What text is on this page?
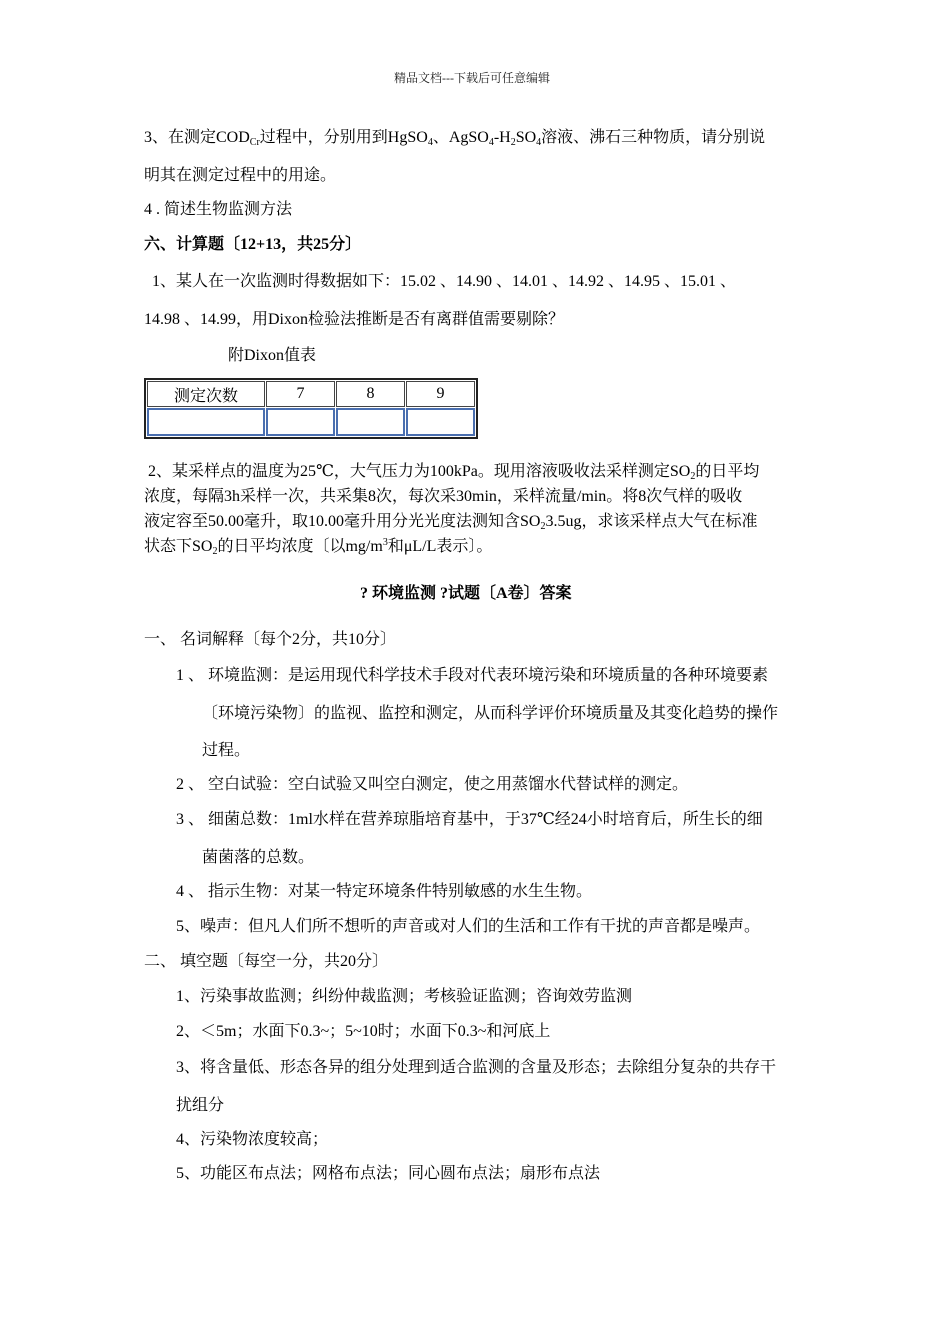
精品文档---下载后可任意编辑
3、在测定$COD_{Cr}$过程中，分别用到HgSO$_4$、$AgSO_4-H_2SO_4$溶液、沸石三种物质，请分别说
明其在测定过程中的用途。
4 . 简述生物监测方法
六、计算题〔12+13，共25分〕
1、某人在一次监测时得数据如下：15.02 、14.90 、14.01 、14.92 、14.95 、15.01 、
14.98 、14.99，用Dixon检验法推断是否有离群值需要剔除？
附Dixon值表
测定次数	7	8	9

2、某采样点的温度为25℃，大气压力为100kPa。现用溶液吸收法采样测定$SO_2$的日平均
浓度，每隔3h采样一次，共采集8次，每次采30min，采样流量/min。将8次气样的吸收
液定容至50.00毫升，取10.00毫升用分光光度法测知含$SO_23.5ug$，求该采样点大气在标准
状态下$SO_2$的日平均浓度〔以$mg/m^3$和μL/L表示〕。
? 环境监测 ?试题〔A卷〕答案
一、 名词解释〔每个2分，共10分〕
1 、 环境监测：是运用现代科学技术手段对代表环境污染和环境质量的各种环境要素
〔环境污染物〕的监视、监控和测定，从而科学评价环境质量及其变化趋势的操作
过程。
2 、 空白试验：空白试验又叫空白测定，使之用蒸馏水代替试样的测定。
3 、 细菌总数：1ml水样在营养琼脂培育基中，于37℃经24小时培育后，所生长的细
菌菌落的总数。
4 、 指示生物：对某一特定环境条件特别敏感的水生生物。
5、噪声：但凡人们所不想听的声音或对人们的生活和工作有干扰的声音都是噪声。
二、 填空题〔每空一分，共20分〕
1、污染事故监测；纠纷仲裁监测；考核验证监测；咨询效劳监测
2、＜5m；水面下0.3~；5~10时；水面下0.3~和河底上
3、将含量低、形态各异的组分处理到适合监测的含量及形态；去除组分复杂的共存干
扰组分
4、污染物浓度较高；
5、功能区布点法；网格布点法；同心圆布点法；扇形布点法
